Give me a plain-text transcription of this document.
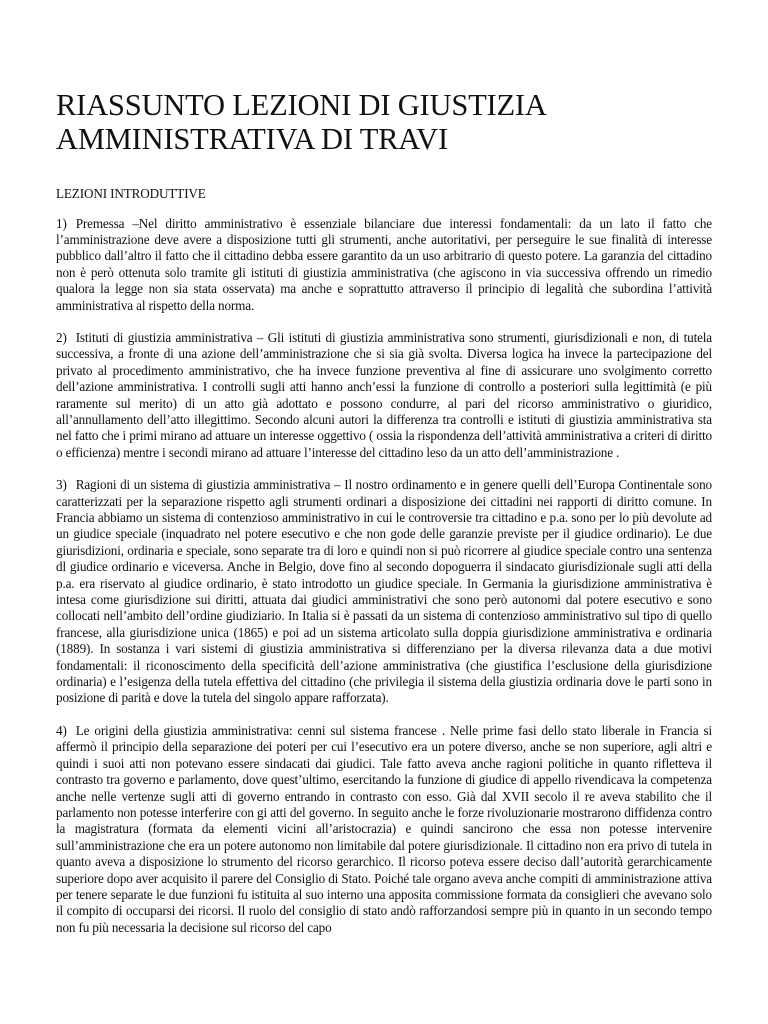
RIASSUNTO LEZIONI DI GIUSTIZIA AMMINISTRATIVA DI TRAVI
LEZIONI INTRODUTTIVE

1) Premessa –Nel diritto amministrativo è essenziale bilanciare due interessi fondamentali: da un lato il fatto che l’amministrazione deve avere a disposizione tutti gli strumenti, anche autoritativi, per perseguire le sue finalità di interesse pubblico dall’altro il fatto che il cittadino debba essere garantito da un uso arbitrario di questo potere. La garanzia del cittadino non è però ottenuta solo tramite gli istituti di giustizia amministrativa (che agiscono in via successiva offrendo un rimedio qualora la legge non sia stata osservata) ma anche e soprattutto attraverso il principio di legalità che subordina l’attività amministrativa al rispetto della norma.

2) Istituti di giustizia amministrativa – Gli istituti di giustizia amministrativa sono strumenti, giurisdizionali e non, di tutela successiva, a fronte di una azione dell’amministrazione che si sia già svolta. Diversa logica ha invece la partecipazione del privato al procedimento amministrativo, che ha invece funzione preventiva al fine di assicurare uno svolgimento corretto dell’azione amministrativa. I controlli sugli atti hanno anch’essi la funzione di controllo a posteriori sulla legittimità (e più raramente sul merito) di un atto già adottato e possono condurre, al pari del ricorso amministrativo o giuridico, all’annullamento dell’atto illegittimo. Secondo alcuni autori la differenza tra controlli e istituti di giustizia amministrativa sta nel fatto che i primi mirano ad attuare un interesse oggettivo ( ossia la rispondenza dell’attività amministrativa a criteri di diritto o efficienza) mentre i secondi mirano ad attuare l’interesse del cittadino leso da un atto dell’amministrazione .

3) Ragioni di un sistema di giustizia amministrativa – Il nostro ordinamento e in genere quelli dell’Europa Continentale sono caratterizzati per la separazione rispetto agli strumenti ordinari a disposizione dei cittadini nei rapporti di diritto comune. In Francia abbiamo un sistema di contenzioso amministrativo in cui le controversie tra cittadino e p.a. sono per lo più devolute ad un giudice speciale (inquadrato nel potere esecutivo e che non gode delle garanzie previste per il giudice ordinario). Le due giurisdizioni, ordinaria e speciale, sono separate tra di loro e quindi non si può ricorrere al giudice speciale contro una sentenza dl giudice ordinario e viceversa. Anche in Belgio, dove fino al secondo dopoguerra il sindacato giurisdizionale sugli atti della p.a. era riservato al giudice ordinario, è stato introdotto un giudice speciale. In Germania la giurisdizione amministrativa è intesa come giurisdizione sui diritti, attuata dai giudici amministrativi che sono però autonomi dal potere esecutivo e sono collocati nell’ambito dell’ordine giudiziario. In Italia si è passati da un sistema di contenzioso amministrativo sul tipo di quello francese, alla giurisdizione unica (1865) e poi ad un sistema articolato sulla doppia giurisdizione amministrativa e ordinaria (1889). In sostanza i vari sistemi di giustizia amministrativa si differenziano per la diversa rilevanza data a due motivi fondamentali: il riconoscimento della specificità dell’azione amministrativa (che giustifica l’esclusione della giurisdizione ordinaria) e l’esigenza della tutela effettiva del cittadino (che privilegia il sistema della giustizia ordinaria dove le parti sono in posizione di parità e dove la tutela del singolo appare rafforzata).

4) Le origini della giustizia amministrativa: cenni sul sistema francese . Nelle prime fasi dello stato liberale in Francia si affermò il principio della separazione dei poteri per cui l’esecutivo era un potere diverso, anche se non superiore, agli altri e quindi i suoi atti non potevano essere sindacati dai giudici. Tale fatto aveva anche ragioni politiche in quanto rifletteva il contrasto tra governo e parlamento, dove quest’ultimo, esercitando la funzione di giudice di appello rivendicava la competenza anche nelle vertenze sugli atti di governo entrando in contrasto con esso. Già dal XVII secolo il re aveva stabilito che il parlamento non potesse interferire con gi atti del governo. In seguito anche le forze rivoluzionarie mostrarono diffidenza contro la magistratura (formata da elementi vicini all’aristocrazia) e quindi sancirono che essa non potesse intervenire sull’amministrazione che era un potere autonomo non limitabile dal potere giurisdizionale. Il cittadino non era privo di tutela in quanto aveva a disposizione lo strumento del ricorso gerarchico. Il ricorso poteva essere deciso dall’autorità gerarchicamente superiore dopo aver acquisito il parere del Consiglio di Stato. Poiché tale organo aveva anche compiti di amministrazione attiva per tenere separate le due funzioni fu istituita al suo interno una apposita commissione formata da consiglieri che avevano solo il compito di occuparsi dei ricorsi. Il ruolo del consiglio di stato andò rafforzandosi sempre più in quanto in un secondo tempo non fu più necessaria la decisione sul ricorso del capo
